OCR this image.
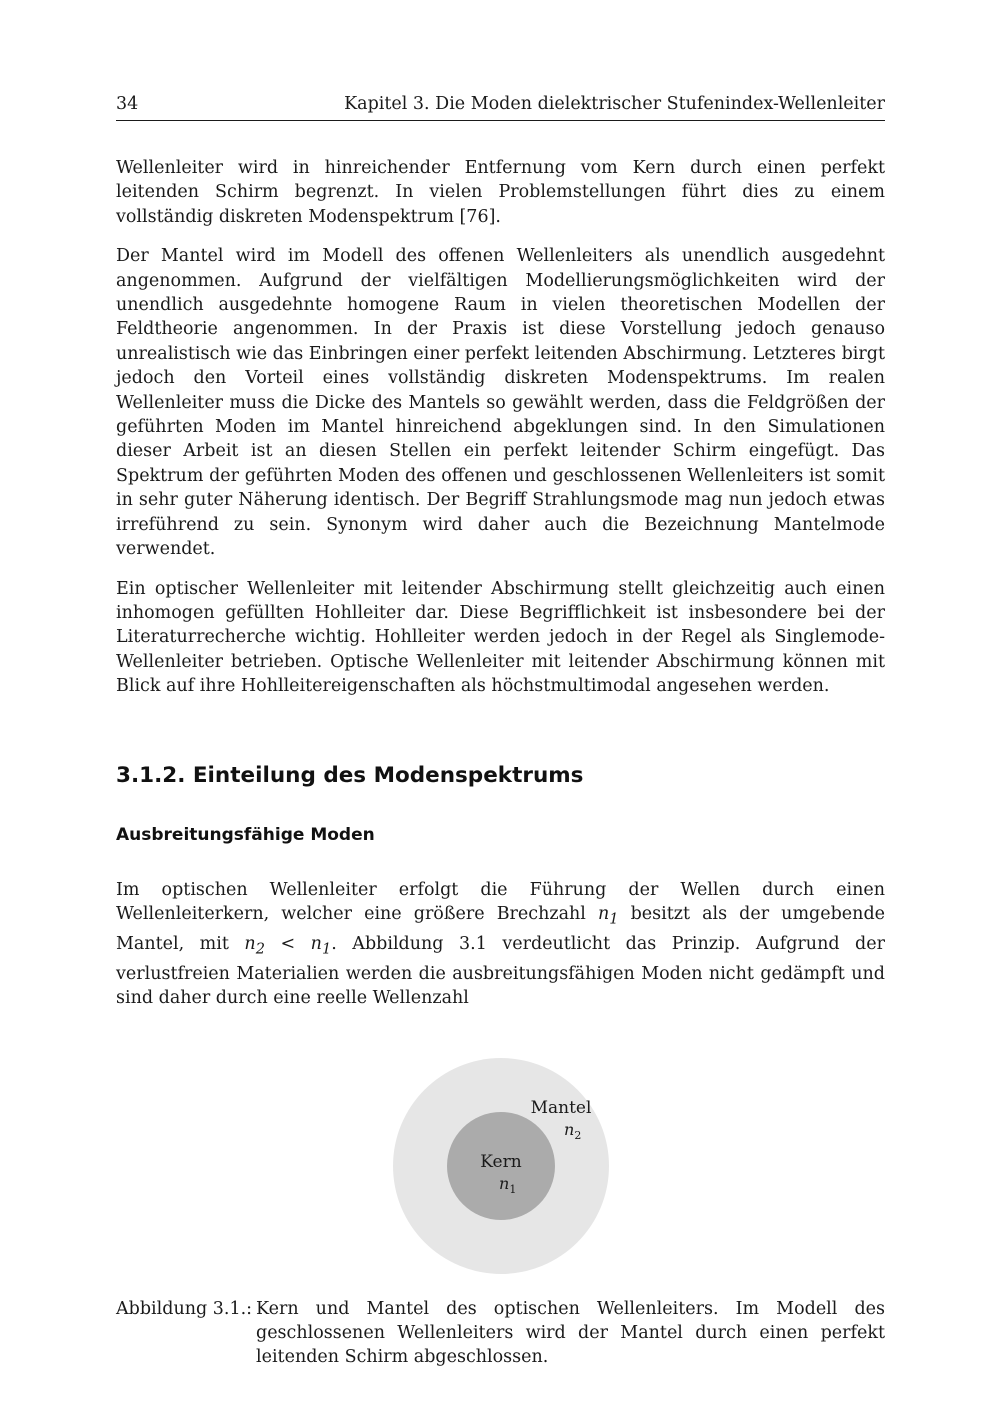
34	Kapitel 3. Die Moden dielektrischer Stufenindex-Wellenleiter

Wellenleiter wird in hinreichender Entfernung vom Kern durch einen perfekt leitenden Schirm begrenzt. In vielen Problemstellungen führt dies zu einem vollständig diskreten Modenspektrum [76].

Der Mantel wird im Modell des offenen Wellenleiters als unendlich ausgedehnt angenommen. Aufgrund der vielfältigen Modellierungsmöglichkeiten wird der unendlich ausgedehnte homogene Raum in vielen theoretischen Modellen der Feldtheorie angenommen. In der Praxis ist diese Vorstellung jedoch genauso unrealistisch wie das Einbringen einer perfekt leitenden Abschirmung. Letzteres birgt jedoch den Vorteil eines vollständig diskreten Modenspektrums. Im realen Wellenleiter muss die Dicke des Mantels so gewählt werden, dass die Feldgrößen der geführten Moden im Mantel hinreichend abgeklungen sind. In den Simulationen dieser Arbeit ist an diesen Stellen ein perfekt leitender Schirm eingefügt. Das Spektrum der geführten Moden des offenen und geschlossenen Wellenleiters ist somit in sehr guter Näherung identisch. Der Begriff Strahlungsmode mag nun jedoch etwas irreführend zu sein. Synonym wird daher auch die Bezeichnung Mantelmode verwendet.

Ein optischer Wellenleiter mit leitender Abschirmung stellt gleichzeitig auch einen inhomogen gefüllten Hohlleiter dar. Diese Begrifflichkeit ist insbesondere bei der Literaturrecherche wichtig. Hohlleiter werden jedoch in der Regel als Singlemode-Wellenleiter betrieben. Optische Wellenleiter mit leitender Abschirmung können mit Blick auf ihre Hohlleitereigenschaften als höchstmultimodal angesehen werden.

3.1.2. Einteilung des Modenspektrums
Ausbreitungsfähige Moden

Im optischen Wellenleiter erfolgt die Führung der Wellen durch einen Wellenleiterkern, welcher eine größere Brechzahl $n_1$ besitzt als der umgebende Mantel, mit $n_2 < n_1$. Abbildung 3.1 verdeutlicht das Prinzip. Aufgrund der verlustfreien Materialien werden die ausbreitungsfähigen Moden nicht gedämpft und sind daher durch eine reelle Wellenzahl

Mantel
$n_2$
Kern
$n_1$
Abbildung 3.1.: Kern und Mantel des optischen Wellenleiters. Im Modell des geschlossenen Wellenleiters wird der Mantel durch einen perfekt leitenden Schirm abgeschlossen.
